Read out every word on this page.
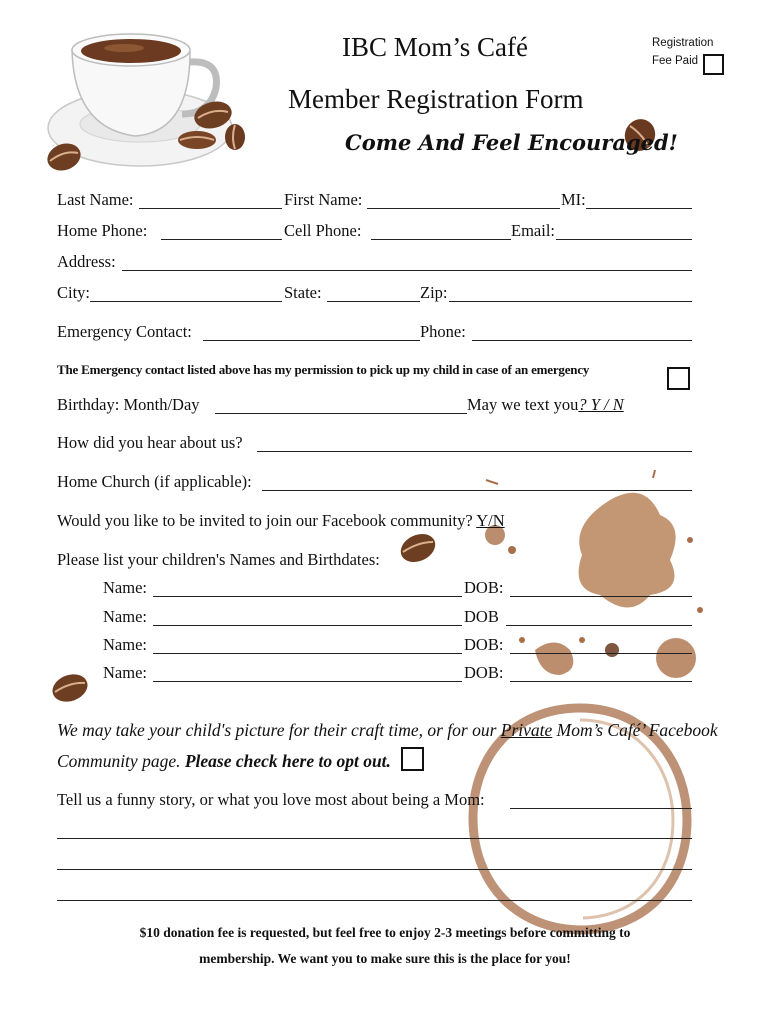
IBC Mom’s Café
Member Registration Form
Come And Feel Encouraged!
Registration
Fee Paid
Last Name:	First Name:	MI:
Home Phone:	Cell Phone:	Email:
Address:
City:	State:	Zip:
Emergency Contact:	Phone:
The Emergency contact listed above has my permission to pick up my child in case of an emergency
Birthday: Month/Day	May we text you? Y / N
How did you hear about us?
Home Church (if applicable):
Would you like to be invited to join our Facebook community? Y/N
Please list your children's Names and Birthdates:
Name:	DOB:
Name:	DOB
Name:	DOB:
Name:	DOB:
We may take your child's picture for their craft time, or for our Private Mom’s Café’ Facebook
Community page. Please check here to opt out.
Tell us a funny story, or what you love most about being a Mom:
$10 donation fee is requested, but feel free to enjoy 2-3 meetings before committing to
membership. We want you to make sure this is the place for you!
